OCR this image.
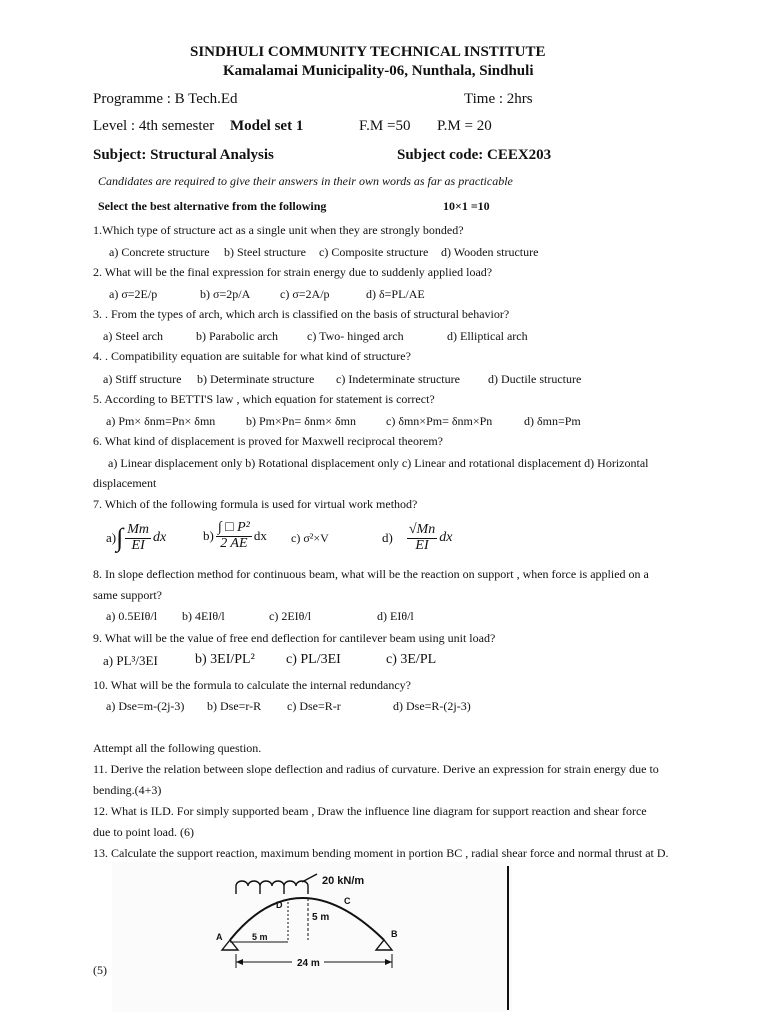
SINDHULI COMMUNITY TECHNICAL INSTITUTE
Kamalamai Municipality-06, Nunthala, Sindhuli
Programme : B Tech.Ed	Time : 2hrs
Level : 4th semester Model set 1	F.M =50 P.M = 20
Subject: Structural Analysis	Subject code: CEEX203
Candidates are required to give their answers in their own words as far as practicable
Select the best alternative from the following	10×1 =10
1.Which type of structure act as a single unit when they are strongly bonded?
a) Concrete structure b) Steel structure c) Composite structure d) Wooden structure
2. What will be the final expression for strain energy due to suddenly applied load?
a) σ=2E/p	b) σ=2p/A c) σ=2A/p	d) δ=PL/AE
3. . From the types of arch, which arch is classified on the basis of structural behavior?
a) Steel arch	b) Parabolic arch c) Two- hinged arch	d) Elliptical arch
4. . Compatibility equation are suitable for what kind of structure?
a) Stiff structure b) Determinate structure c) Indeterminate structure d) Ductile structure
5. According to BETTI'S law , which equation for statement is correct?
a) Pm× δnm=Pn× δmn	b) Pm×Pn= δnm× δmn	c) δmn×Pm= δnm×Pn	d) δmn=Pm
6. What kind of displacement is proved for Maxwell reciprocal theorem?
a) Linear displacement only b) Rotational displacement only c) Linear and rotational displacement d) Horizontal
displacement
7. Which of the following formula is used for virtual work method?
a) ∫ $\frac{Mm}{EI}$ dx	$b) \frac{\text{∫ □ P²}}{2 AE}$ dx c) σ²×V	$d) \frac{√Mn}{EI}$ dx
8. In slope deflection method for continuous beam, what will be the reaction on support , when force is applied on a
same support?
a) 0.5EIθ/l b) 4EIθ/l	c) 2EIθ/l	d) EIθ/l
9. What will be the value of free end deflection for cantilever beam using unit load?
a) PL³/3EI	b) 3EI/PL² c) PL/3EI	c) 3E/PL
10. What will be the formula to calculate the internal redundancy?
a) Dse=m-(2j-3) b) Dse=r-R c) Dse=R-r	d) Dse=R-(2j-3)
Attempt all the following question.
11. Derive the relation between slope deflection and radius of curvature. Derive an expression for strain energy due to
bending.(4+3)
12. What is ILD. For simply supported beam , Draw the influence line diagram for support reaction and shear force
due to point load. (6)
13. Calculate the support reaction, maximum bending moment in portion BC , radial shear force and normal thrust at D.
(5)
20 kN/m
5 m
D	C
A	B
5 m
24 m
